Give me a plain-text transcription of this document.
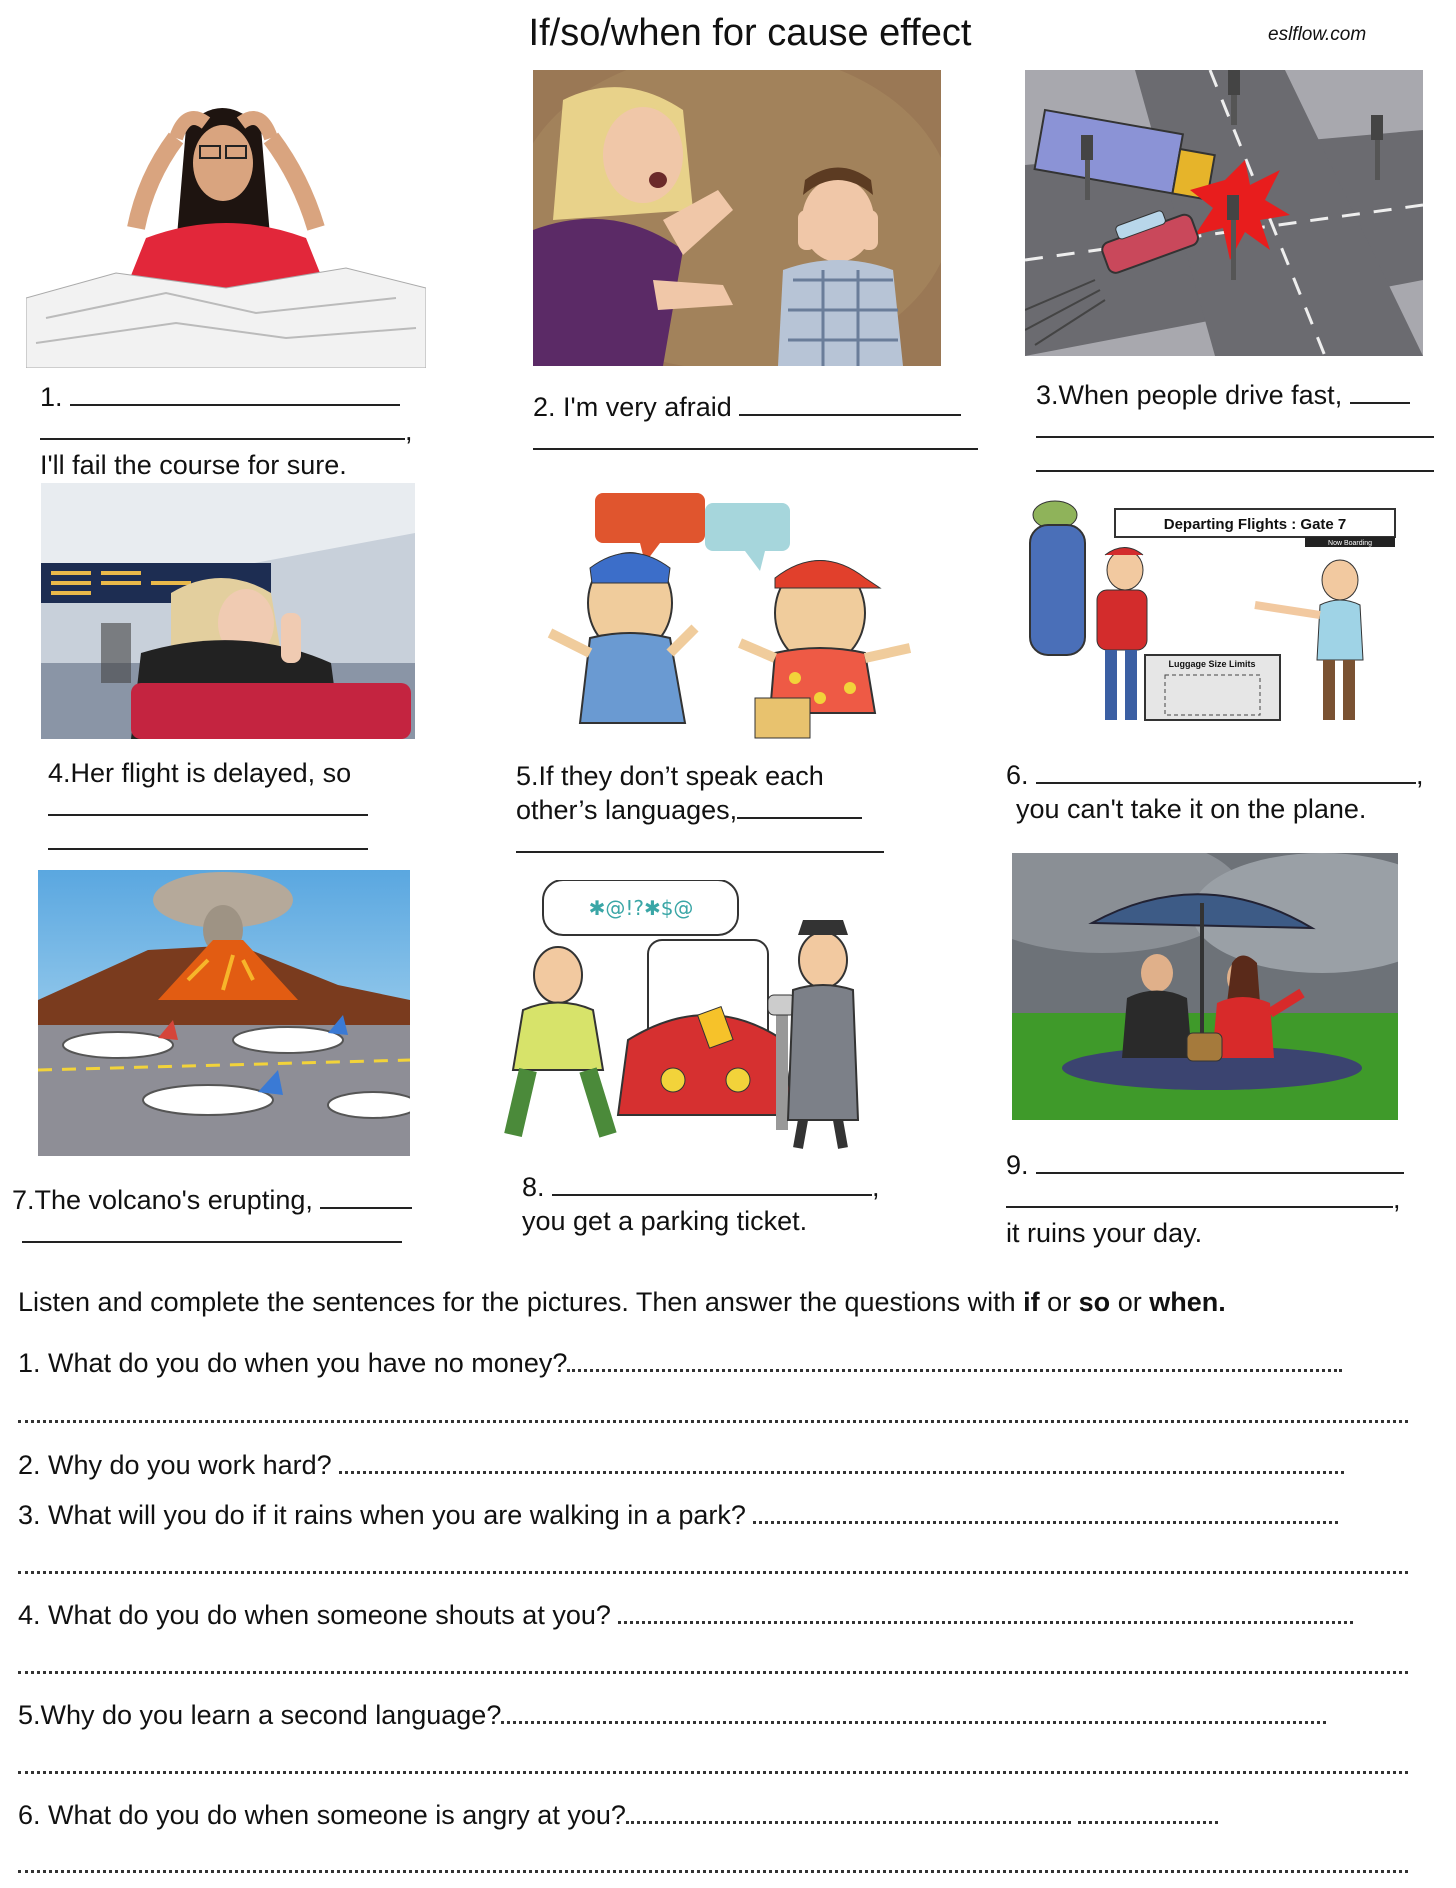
If/so/when for cause effect	eslflow.com
1.
,
I'll fail the course for sure.
2. I'm very afraid	3.When people drive fast,
4.Her flight is delayed, so	5.If they don’t speak each
other’s languages,
Departing Flights : Gate 7
Now Boarding
Luggage Size Limits
6.	,
you can't take it on the plane.
7.The volcano's erupting,
✱@!?✱$@
8.	,
you get a parking ticket.
9.
,
it ruins your day.
Listen and complete the sentences for the pictures. Then answer the questions with if or so or when.
1. What do you do when you have no money?
2. Why do you work hard?
3. What will you do if it rains when you are walking in a park?
4. What do you do when someone shouts at you?
5.Why do you learn a second language?
6. What do you do when someone is angry at you?
